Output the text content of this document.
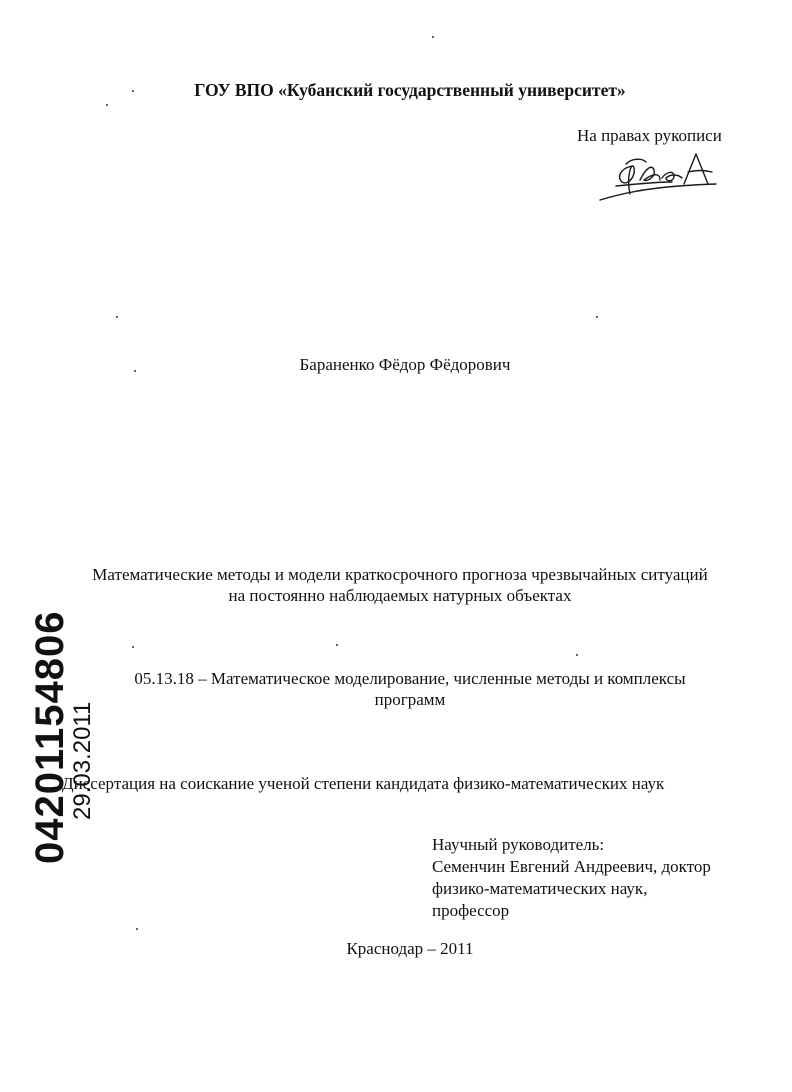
ГОУ ВПО «Кубанский государственный университет»
На правах рукописи
Бараненко Фёдор Фёдорович
Математические методы и модели краткосрочного прогноза чрезвычайных ситуаций
на постоянно наблюдаемых натурных объектах
05.13.18 – Математическое моделирование, численные методы и комплексы
программ
Диссертация на соискание ученой степени кандидата физико-математических наук
Научный руководитель:
Семенчин Евгений Андреевич, доктор
физико-математических наук,
профессор
Краснодар – 2011
04201154806
29.03.2011
